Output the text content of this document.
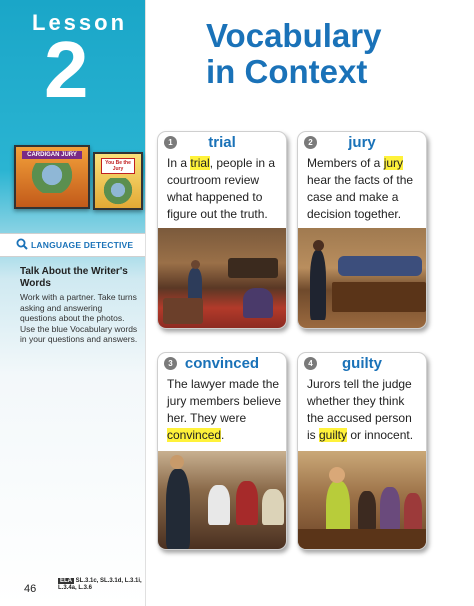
Lesson
2
CARDIGAN JURY
You Be the Jury
LANGUAGE DETECTIVE
Talk About the Writer's Words
Work with a partner. Take turns asking and answering questions about the photos. Use the blue Vocabulary words in your questions and answers.
46
ELA SL.3.1c, SL.3.1d, L.3.1i, L.3.4a, L.3.6
Vocabulary
in Context
trial
1
In a trial, people in a courtroom review what happened to figure out the truth.
jury
2
Members of a jury hear the facts of the case and make a decision together.
convinced
3
The lawyer made the jury members believe her. They were convinced.
guilty
4
Jurors tell the judge whether they think the accused person is guilty or innocent.
